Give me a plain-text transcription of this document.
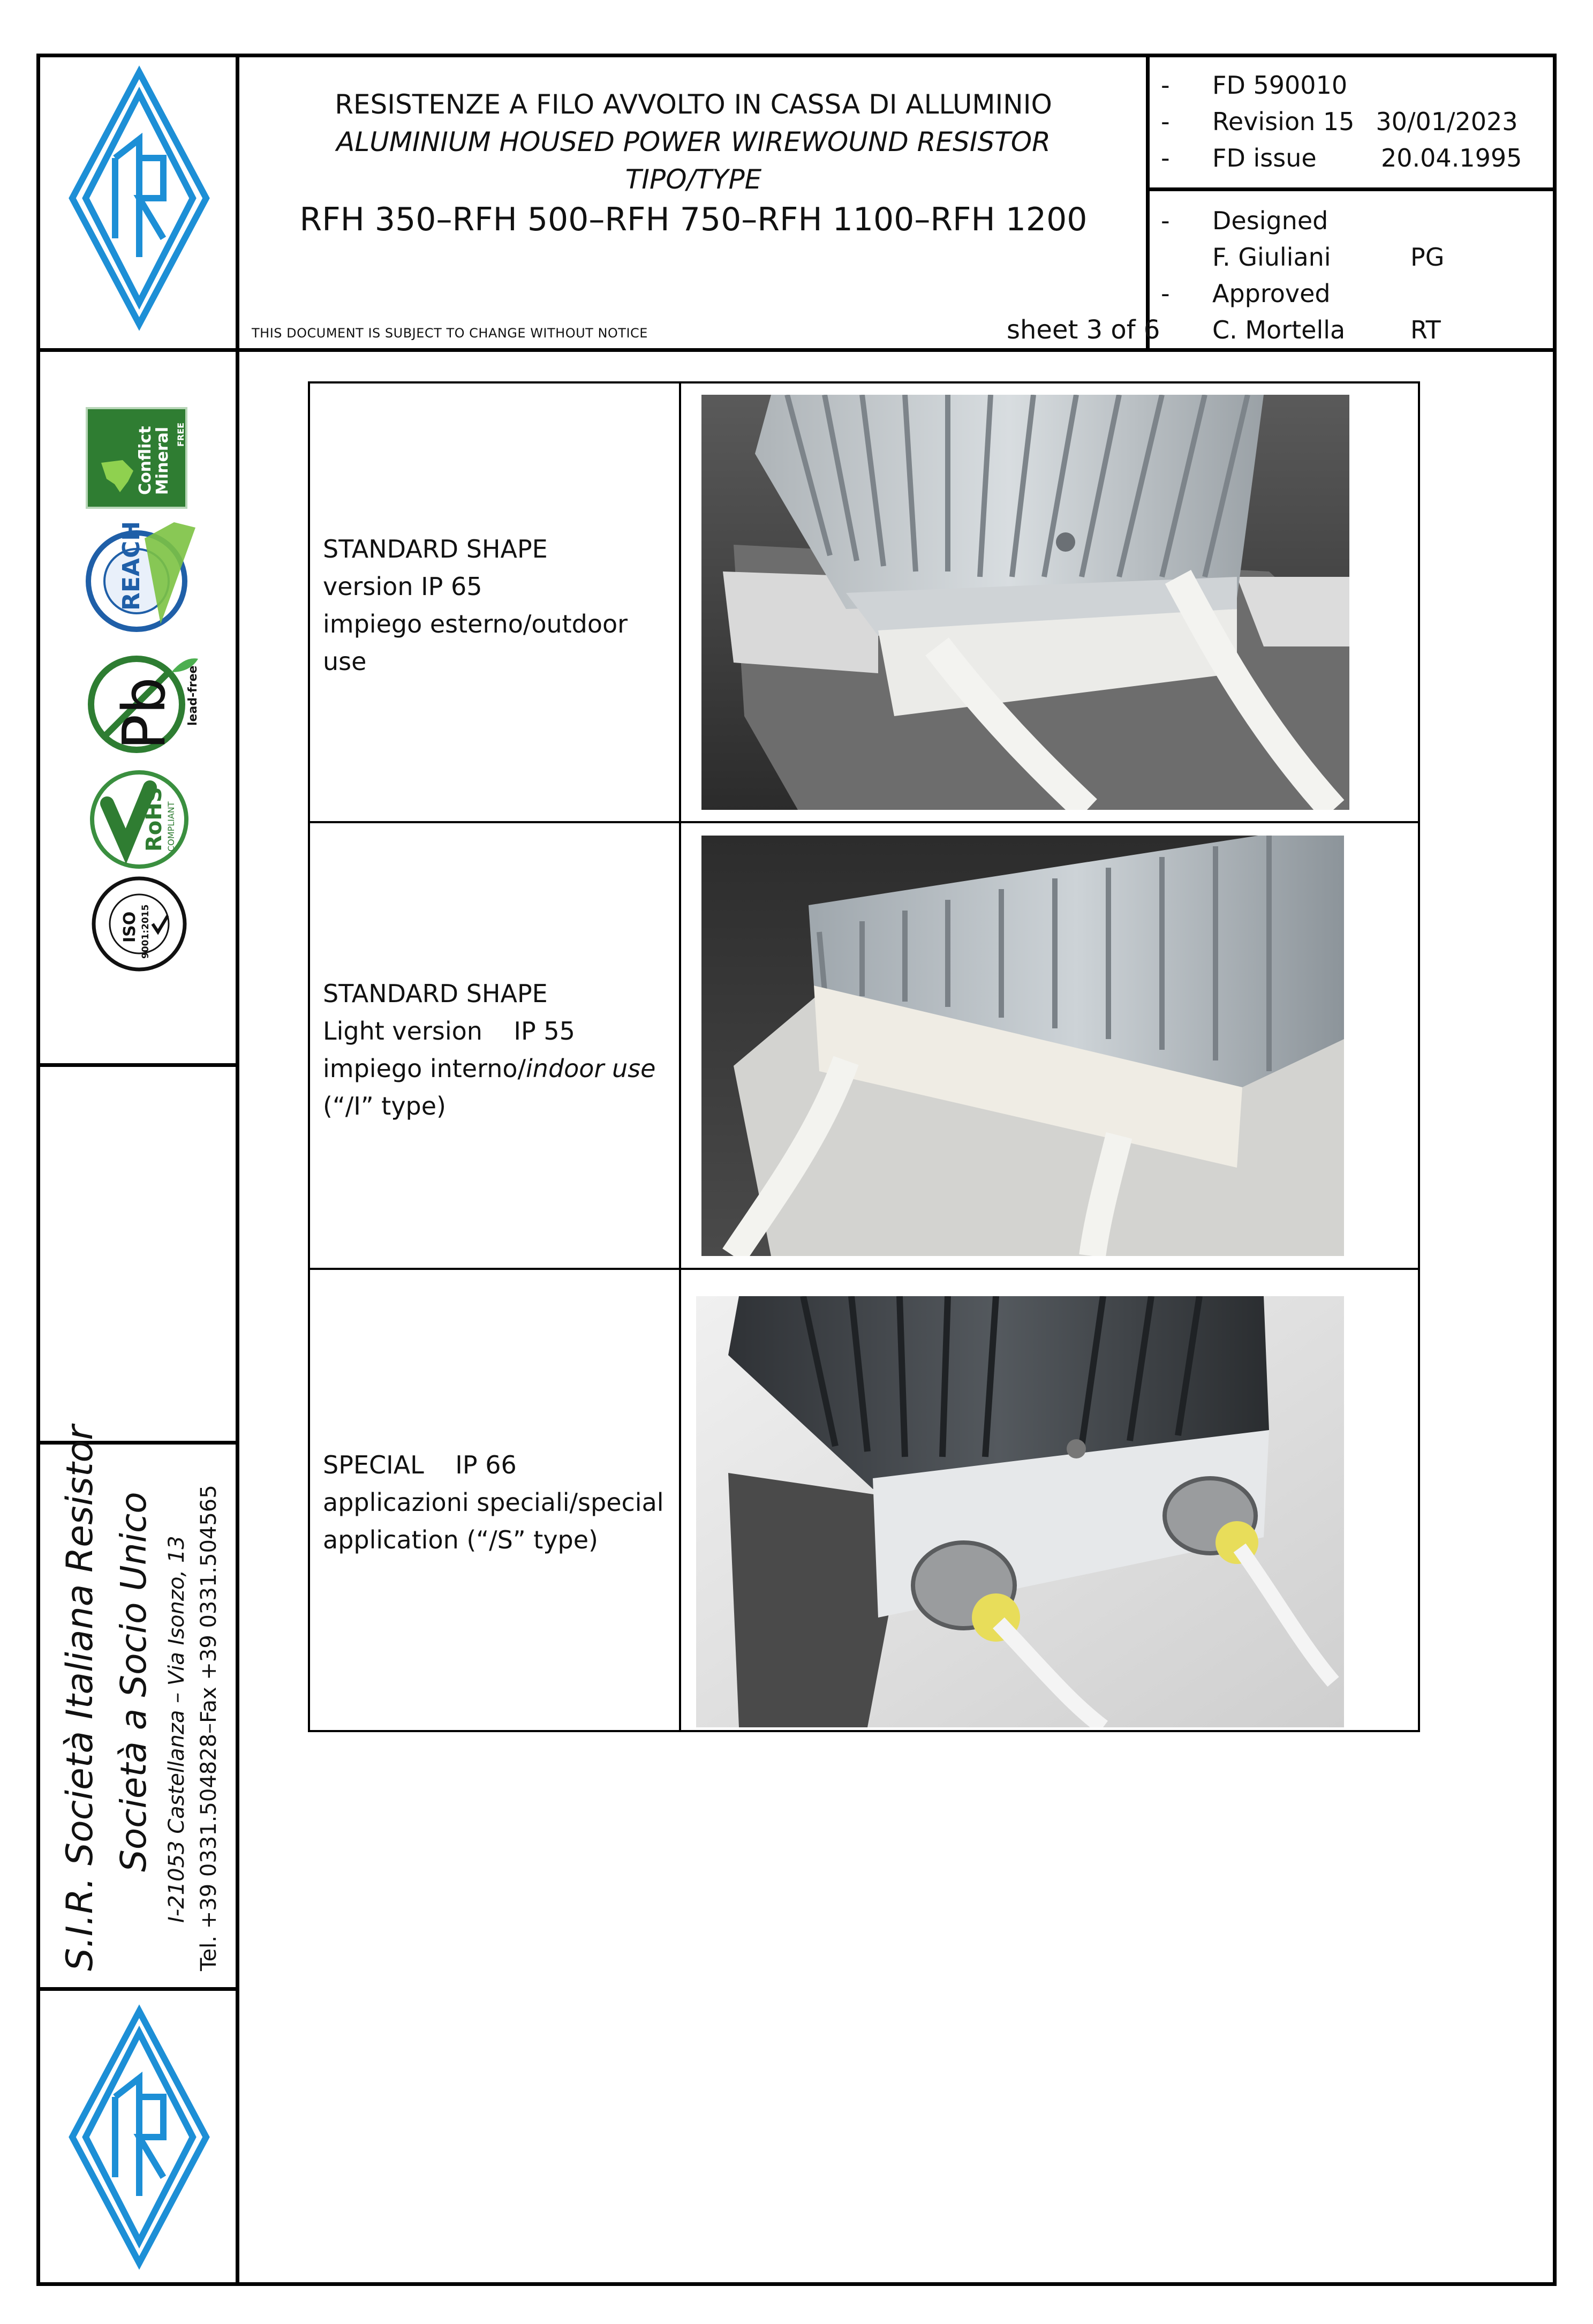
RESISTENZE A FILO AVVOLTO IN CASSA DI ALLUMINIO
ALUMINIUM HOUSED POWER WIREWOUND RESISTOR
TIPO/TYPE
RFH 350–RFH 500–RFH 750–RFH 1100–RFH 1200
THIS DOCUMENT IS SUBJECT TO CHANGE WITHOUT NOTICE	sheet 3 of 6
-	FD 590010
-	Revision 15 30/01/2023
-	FD issue	20.04.1995
-	Designed
F. Giuliani	PG
-	Approved
C. Mortella	RT
Conflict
Mineral FREE
REACH
Pb lead-free
RoHS COMPLIANT
ISO 9001:2015
S.I.R. Società Italiana Resistor Società a Socio Unico I-21053 Castellanza – Via Isonzo, 13 Tel. +39 0331.504828–Fax +39 0331.504565
STANDARD SHAPE
version IP 65
impiego esterno/outdoor use
STANDARD SHAPE
Light version    IP 55
impiego interno/indoor use
(“/I” type)
SPECIAL    IP 66
applicazioni speciali/special
application (“/S” type)
